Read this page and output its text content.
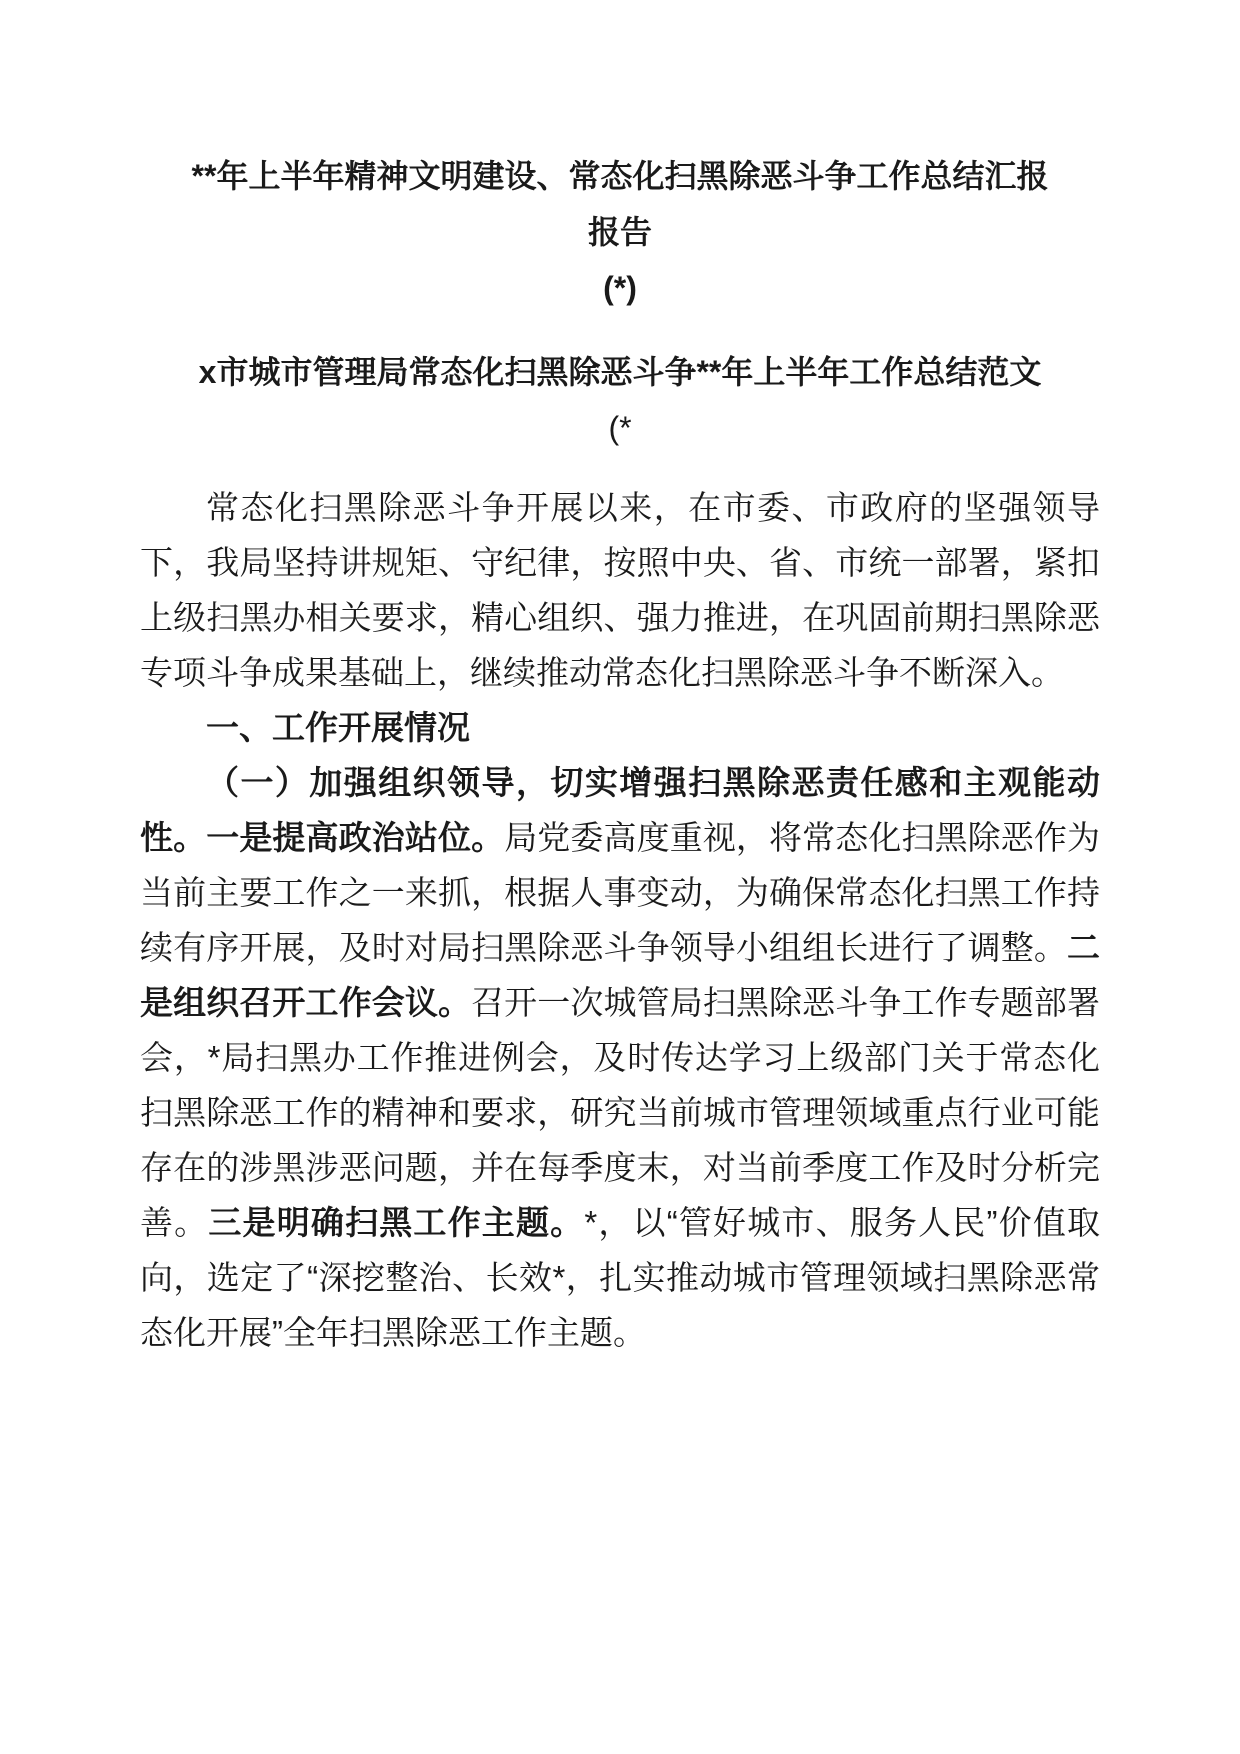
**年上半年精神文明建设、常态化扫黑除恶斗争工作总结汇报
报告
(*)
x市城市管理局常态化扫黑除恶斗争**年上半年工作总结范文
(*

常态化扫黑除恶斗争开展以来，在市委、市政府的坚强领导下，我局坚持讲规矩、守纪律，按照中央、省、市统一部署，紧扣上级扫黑办相关要求，精心组织、强力推进，在巩固前期扫黑除恶专项斗争成果基础上，继续推动常态化扫黑除恶斗争不断深入。

一、工作开展情况

（一）加强组织领导，切实增强扫黑除恶责任感和主观能动性。一是提高政治站位。局党委高度重视，将常态化扫黑除恶作为当前主要工作之一来抓，根据人事变动，为确保常态化扫黑工作持续有序开展，及时对局扫黑除恶斗争领导小组组长进行了调整。二是组织召开工作会议。召开一次城管局扫黑除恶斗争工作专题部署会，*局扫黑办工作推进例会，及时传达学习上级部门关于常态化扫黑除恶工作的精神和要求，研究当前城市管理领域重点行业可能存在的涉黑涉恶问题，并在每季度末，对当前季度工作及时分析完善。三是明确扫黑工作主题。*，以“管好城市、服务人民”价值取向，选定了“深挖整治、长效*，扎实推动城市管理领域扫黑除恶常态化开展”全年扫黑除恶工作主题。
